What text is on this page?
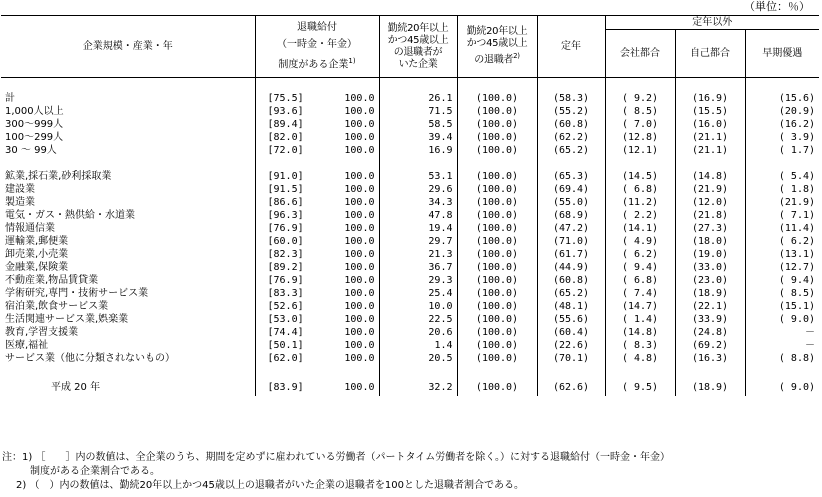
（単位：％）
企業規模・産業・年	退職給付
（一時金・年金）
制度がある企業$^{1)}$		勤続20年以上
かつ45歳以上
の退職者が
いた企業	勤続20年以上
かつ45歳以上
の退職者$^{2)}$	定年	定年以外		
						会社都合	自己都合	早期優遇

計	[75.5]	100.0	26.1	(100.0)	(58.3)	( 9.2)	(16.9)	(15.6)
1,000人以上	[93.6]	100.0	71.5	(100.0)	(55.2)	( 8.5)	(15.5)	(20.9)
300～999人	[89.4]	100.0	58.5	(100.0)	(60.8)	( 7.0)	(16.0)	(16.2)
100～299人	[82.0]	100.0	39.4	(100.0)	(62.2)	(12.8)	(21.1)	( 3.9)
30 ～ 99人	[72.0]	100.0	16.9	(100.0)	(65.2)	(12.1)	(21.1)	( 1.7)

鉱業,採石業,砂利採取業	[91.0]	100.0	53.1	(100.0)	(65.3)	(14.5)	(14.8)	( 5.4)
建設業	[91.5]	100.0	29.6	(100.0)	(69.4)	( 6.8)	(21.9)	( 1.8)
製造業	[86.6]	100.0	34.3	(100.0)	(55.0)	(11.2)	(12.0)	(21.9)
電気・ガス・熱供給・水道業	[96.3]	100.0	47.8	(100.0)	(68.9)	( 2.2)	(21.8)	( 7.1)
情報通信業	[76.9]	100.0	19.4	(100.0)	(47.2)	(14.1)	(27.3)	(11.4)
運輸業,郵便業	[60.0]	100.0	29.7	(100.0)	(71.0)	( 4.9)	(18.0)	( 6.2)
卸売業,小売業	[82.3]	100.0	21.3	(100.0)	(61.7)	( 6.2)	(19.0)	(13.1)
金融業,保険業	[89.2]	100.0	36.7	(100.0)	(44.9)	( 9.4)	(33.0)	(12.7)
不動産業,物品賃貸業	[76.9]	100.0	29.3	(100.0)	(60.8)	( 6.8)	(23.0)	( 9.4)
学術研究,専門・技術サービス業	[83.3]	100.0	25.4	(100.0)	(65.2)	( 7.4)	(18.9)	( 8.5)
宿泊業,飲食サービス業	[52.6]	100.0	10.0	(100.0)	(48.1)	(14.7)	(22.1)	(15.1)
生活関連サービス業,娯楽業	[53.0]	100.0	22.5	(100.0)	(55.6)	( 1.4)	(33.9)	( 9.0)
教育,学習支援業	[74.4]	100.0	20.6	(100.0)	(60.4)	(14.8)	(24.8)	－
医療,福祉	[50.1]	100.0	1.4	(100.0)	(22.6)	( 8.3)	(69.2)	－
サービス業（他に分類されないもの）	[62.0]	100.0	20.5	(100.0)	(70.1)	( 4.8)	(16.3)	( 8.8)

平成 20 年	[83.9]	100.0	32.2	(100.0)	(62.6)	( 9.5)	(18.9)	( 9.0)
注：1) ［　　］内の数値は、全企業のうち、期間を定めずに雇われている労働者（パートタイム労働者を除く。）に対する退職給付（一時金・年金）
制度がある企業割合である。
2) （　）内の数値は、勤続20年以上かつ45歳以上の退職者がいた企業の退職者を100とした退職者割合である。
